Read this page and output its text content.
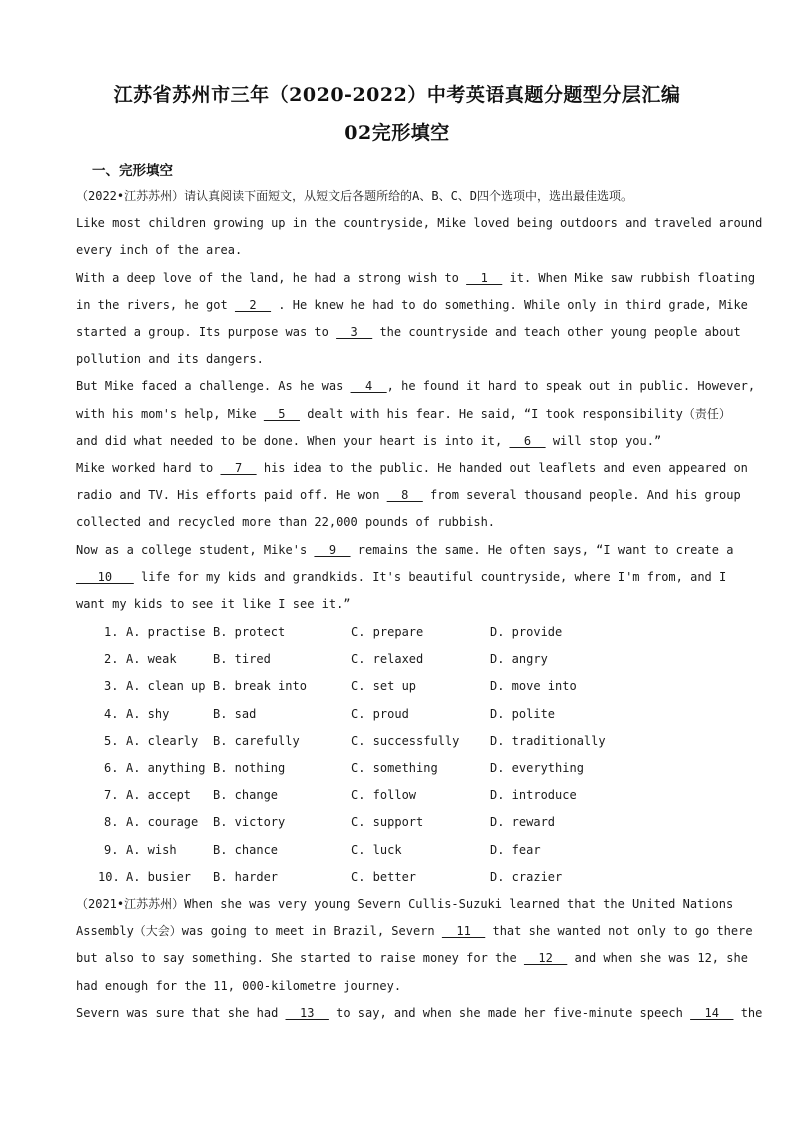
江苏省苏州市三年（2020-2022）中考英语真题分题型分层汇编
02完形填空
一、完形填空
（2022•江苏苏州）请认真阅读下面短文，从短文后各题所给的A、B、C、D四个选项中，选出最佳选项。
Like most children growing up in the countryside, Mike loved being outdoors and traveled around
every inch of the area.
With a deep love of the land, he had a strong wish to   1   it. When Mike saw rubbish floating
in the rivers, he got   2   . He knew he had to do something. While only in third grade, Mike
started a group. Its purpose was to   3   the countryside and teach other young people about
pollution and its dangers.
But Mike faced a challenge. As he was   4  , he found it hard to speak out in public. However,
with his mom's help, Mike   5   dealt with his fear. He said, “I took responsibility（责任）
and did what needed to be done. When your heart is into it,   6   will stop you.”
Mike worked hard to   7   his idea to the public. He handed out leaflets and even appeared on
radio and TV. His efforts paid off. He won   8   from several thousand people. And his group
collected and recycled more than 22,000 pounds of rubbish.
Now as a college student, Mike's   9   remains the same. He often says, “I want to create a
10    life for my kids and grandkids. It's beautiful countryside, where I'm from, and I
want my kids to see it like I see it.”
1. A. practise B. protect	C. prepare	D. provide
2. A. weak	B. tired	C. relaxed	D. angry
3. A. clean up B. break into	C. set up	D. move into
4. A. shy	B. sad	C. proud	D. polite
5. A. clearly B. carefully	C. successfully	D. traditionally
6. A. anything B. nothing	C. something	D. everything
7. A. accept B. change	C. follow	D. introduce
8. A. courage B. victory	C. support	D. reward
9. A. wish	B. chance	C. luck	D. fear
10. A. busier B. harder	C. better	D. crazier
（2021•江苏苏州）When she was very young Severn Cullis-Suzuki learned that the United Nations
Assembly（大会）was going to meet in Brazil, Severn   11   that she wanted not only to go there
but also to say something. She started to raise money for the   12   and when she was 12, she
had enough for the 11, 000-kilometre journey.
Severn was sure that she had   13   to say, and when she made her five-minute speech   14   the
